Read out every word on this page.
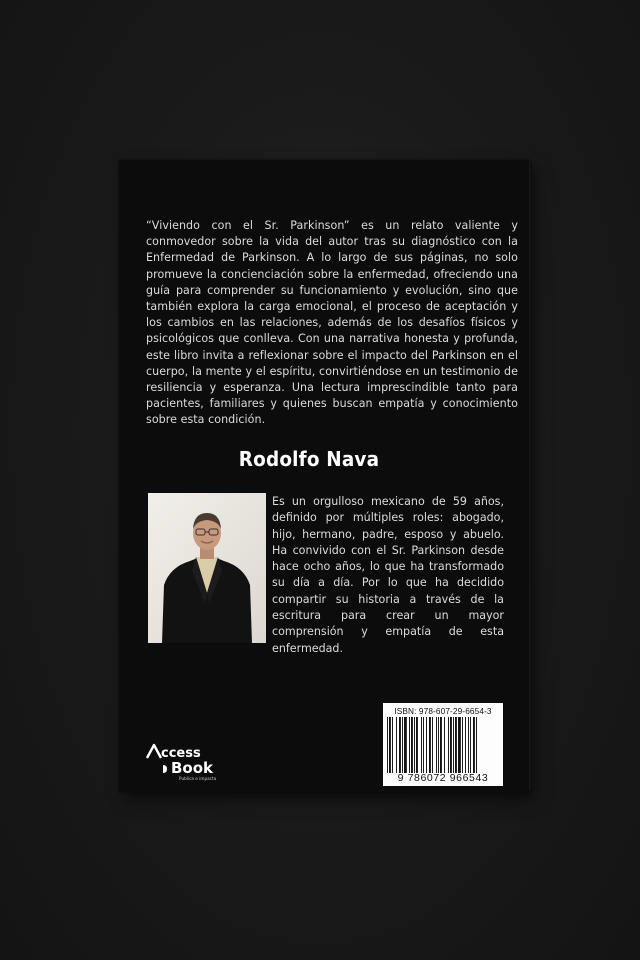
“Viviendo con el Sr. Parkinson” es un relato valiente y conmovedor sobre la vida del autor tras su diagnóstico con la Enfermedad de Parkinson. A lo largo de sus páginas, no solo promueve la concienciación sobre la enfermedad, ofreciendo una guía para comprender su funcionamiento y evolución, sino que también explora la carga emocional, el proceso de aceptación y los cambios en las relaciones, además de los desafíos físicos y psicológicos que conlleva. Con una narrativa honesta y profunda, este libro invita a reflexionar sobre el impacto del Parkinson en el cuerpo, la mente y el espíritu, convirtiéndose en un testimonio de resiliencia y esperanza. Una lectura imprescindible tanto para pacientes, familiares y quienes buscan empatía y conocimiento sobre esta condición.
Rodolfo Nava
Es un orgulloso mexicano de 59 años, definido por múltiples roles: abogado, hijo, hermano, padre, esposo y abuelo. Ha convivido con el Sr. Parkinson desde hace ocho años, lo que ha transformado su día a día. Por lo que ha decidido compartir su historia a través de la escritura para crear un mayor comprensión y empatía de esta enfermedad.
ccess
Book
Publica e impacta
ISBN: 978-607-29-6654-3
9 786072 966543
